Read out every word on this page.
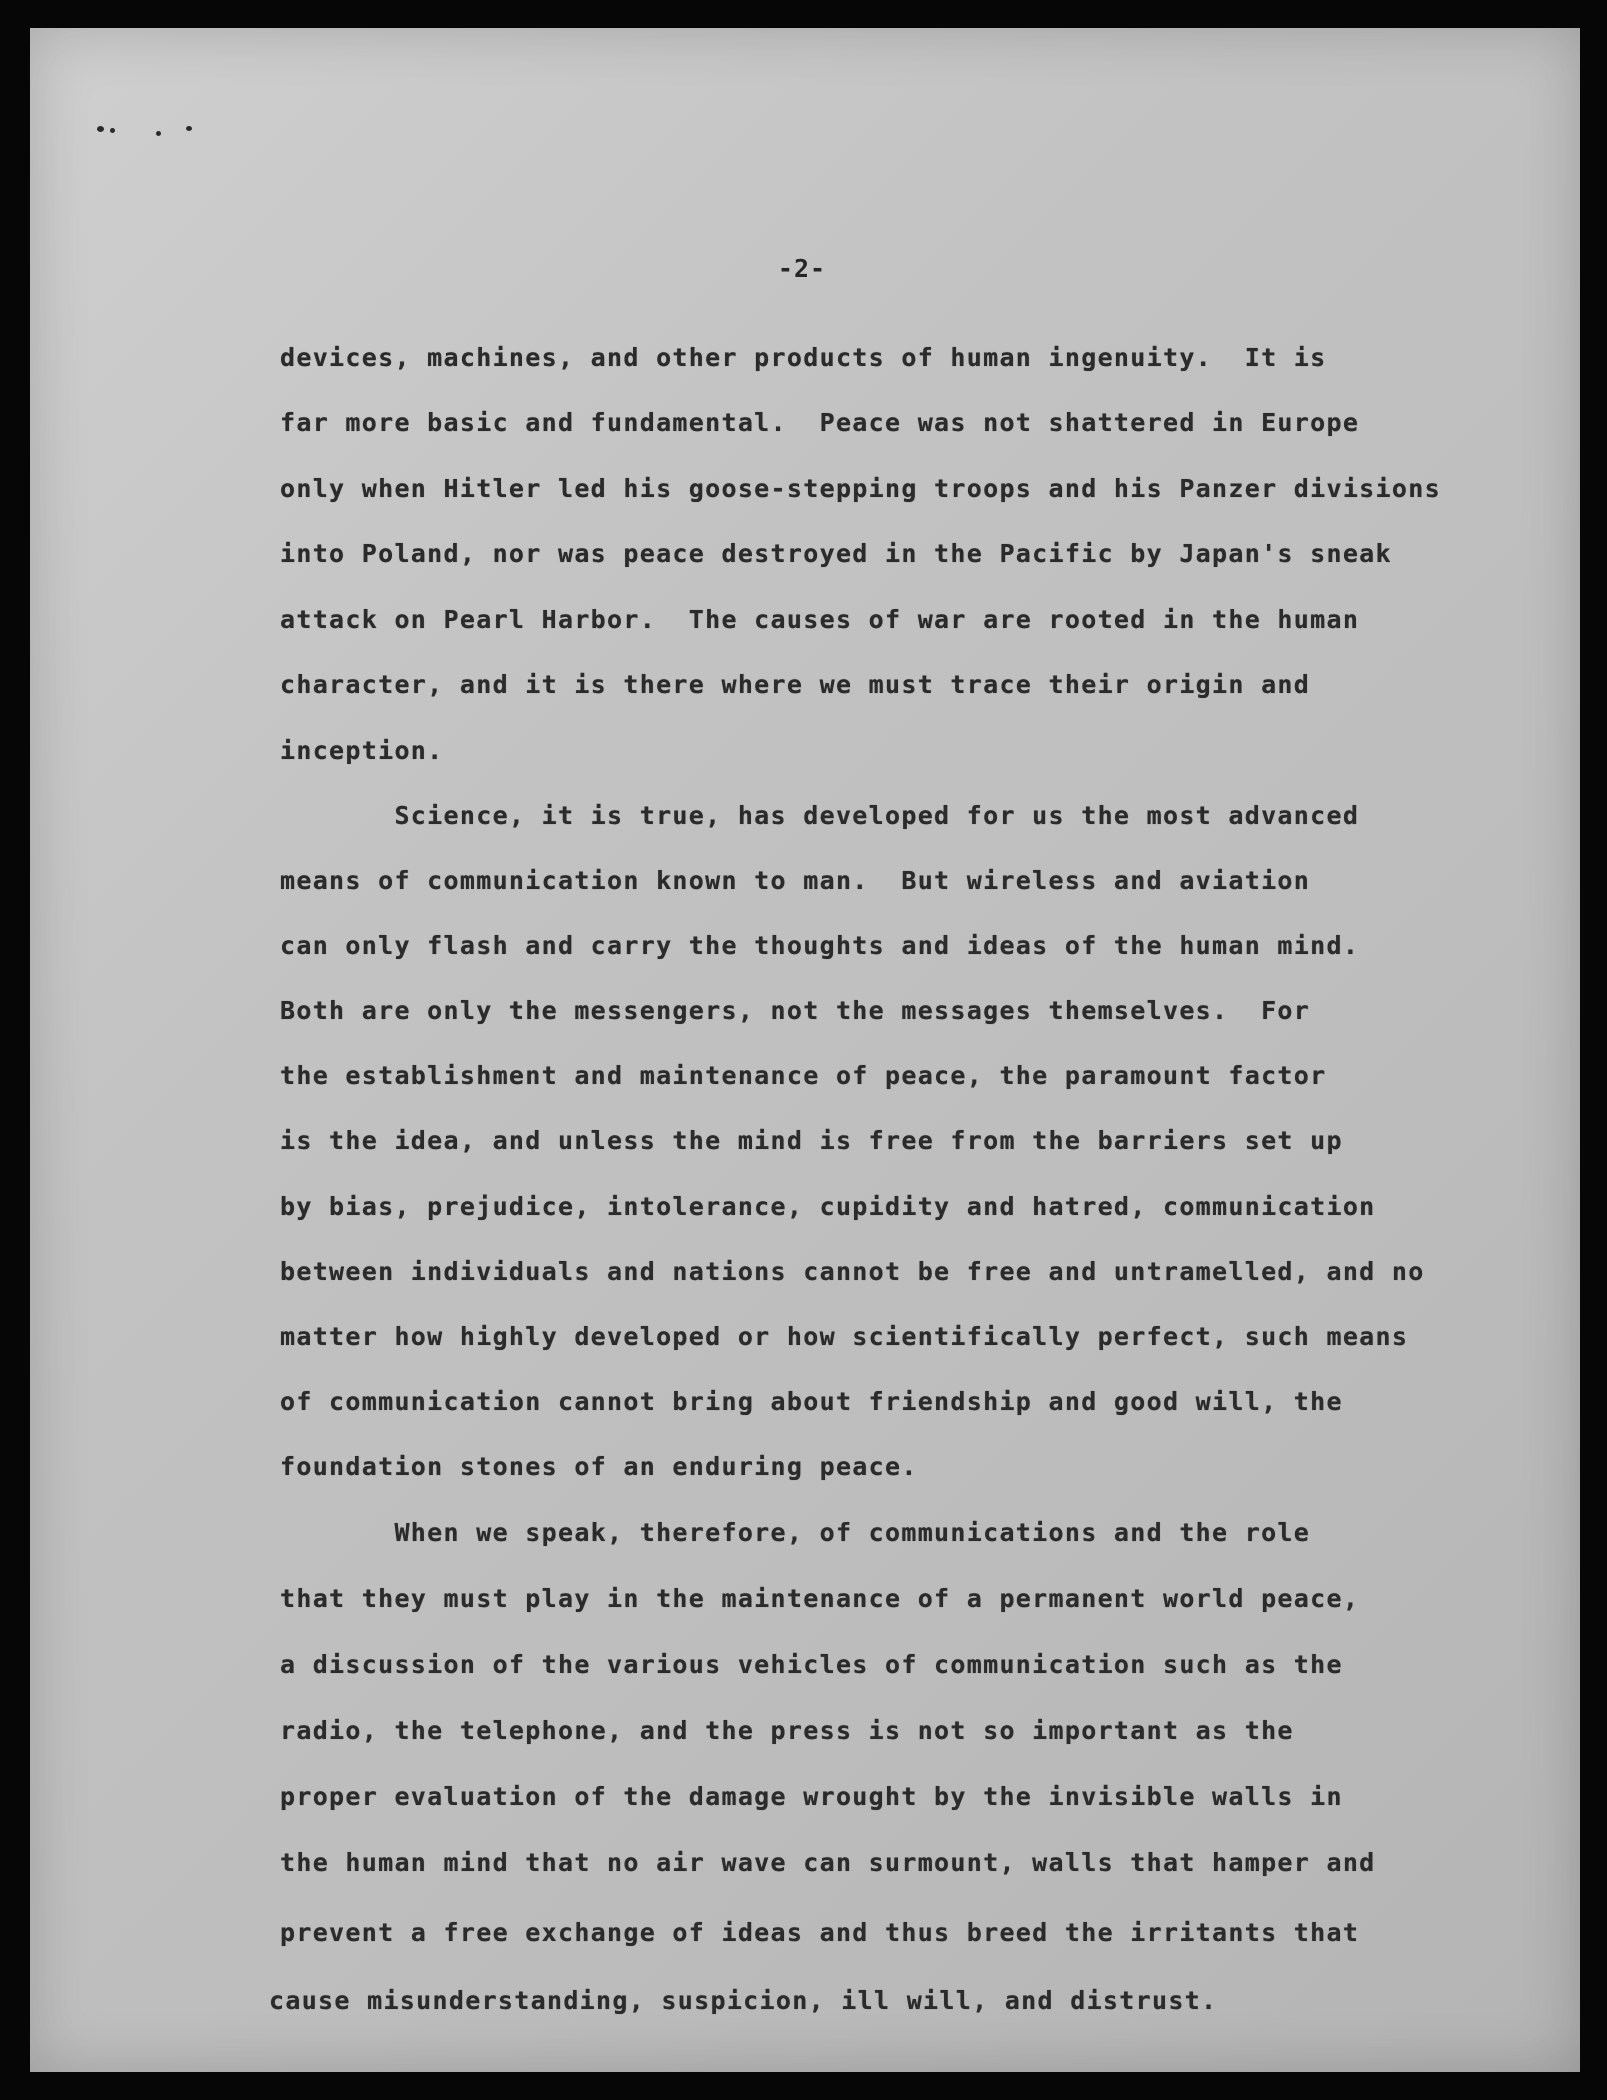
-2-
devices, machines, and other products of human ingenuity.  It is
far more basic and fundamental.  Peace was not shattered in Europe
only when Hitler led his goose-stepping troops and his Panzer divisions
into Poland, nor was peace destroyed in the Pacific by Japan's sneak
attack on Pearl Harbor.  The causes of war are rooted in the human
character, and it is there where we must trace their origin and
inception.
Science, it is true, has developed for us the most advanced
means of communication known to man.  But wireless and aviation
can only flash and carry the thoughts and ideas of the human mind.
Both are only the messengers, not the messages themselves.  For
the establishment and maintenance of peace, the paramount factor
is the idea, and unless the mind is free from the barriers set up
by bias, prejudice, intolerance, cupidity and hatred, communication
between individuals and nations cannot be free and untramelled, and no
matter how highly developed or how scientifically perfect, such means
of communication cannot bring about friendship and good will, the
foundation stones of an enduring peace.
When we speak, therefore, of communications and the role
that they must play in the maintenance of a permanent world peace,
a discussion of the various vehicles of communication such as the
radio, the telephone, and the press is not so important as the
proper evaluation of the damage wrought by the invisible walls in
the human mind that no air wave can surmount, walls that hamper and
prevent a free exchange of ideas and thus breed the irritants that
cause misunderstanding, suspicion, ill will, and distrust.
